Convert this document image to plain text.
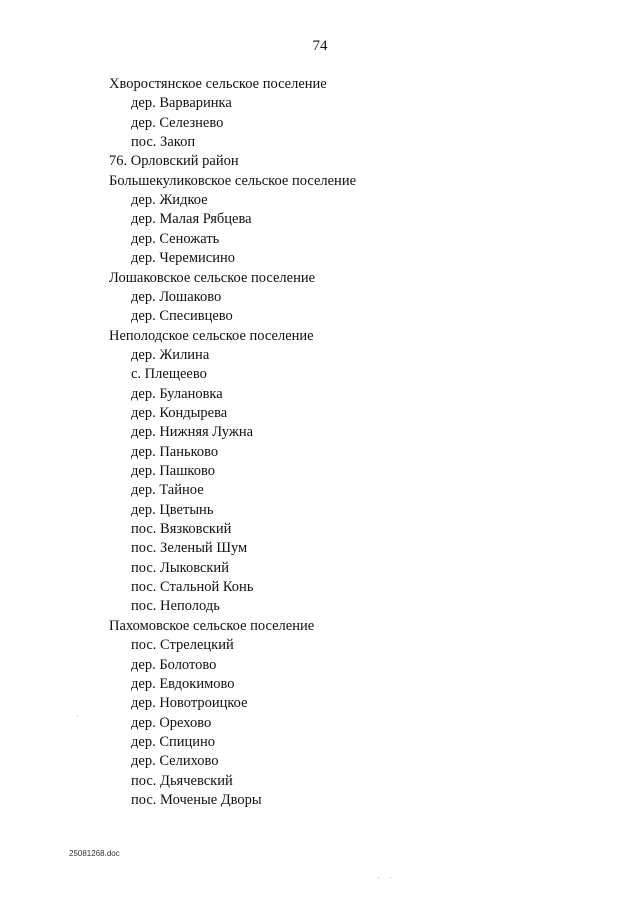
74
Хворостянское сельское поселение
дер. Варваринка
дер. Селезнево
пос. Закоп
76. Орловский район
Большекуликовское сельское поселение
дер. Жидкое
дер. Малая Рябцева
дер. Сеножать
дер. Черемисино
Лошаковское сельское поселение
дер. Лошаково
дер. Спесивцево
Неполодское сельское поселение
дер. Жилина
с. Плещеево
дер. Булановка
дер. Кондырева
дер. Нижняя Лужна
дер. Паньково
дер. Пашково
дер. Тайное
дер. Цветынь
пос. Вязковский
пос. Зеленый Шум
пос. Лыковский
пос. Стальной Конь
пос. Неполодь
Пахомовское сельское поселение
пос. Стрелецкий
дер. Болотово
дер. Евдокимово
дер. Новотроицкое
дер. Орехово
дер. Спицино
дер. Селихово
пос. Дьячевский
пос. Моченые Дворы
25081268.doc
